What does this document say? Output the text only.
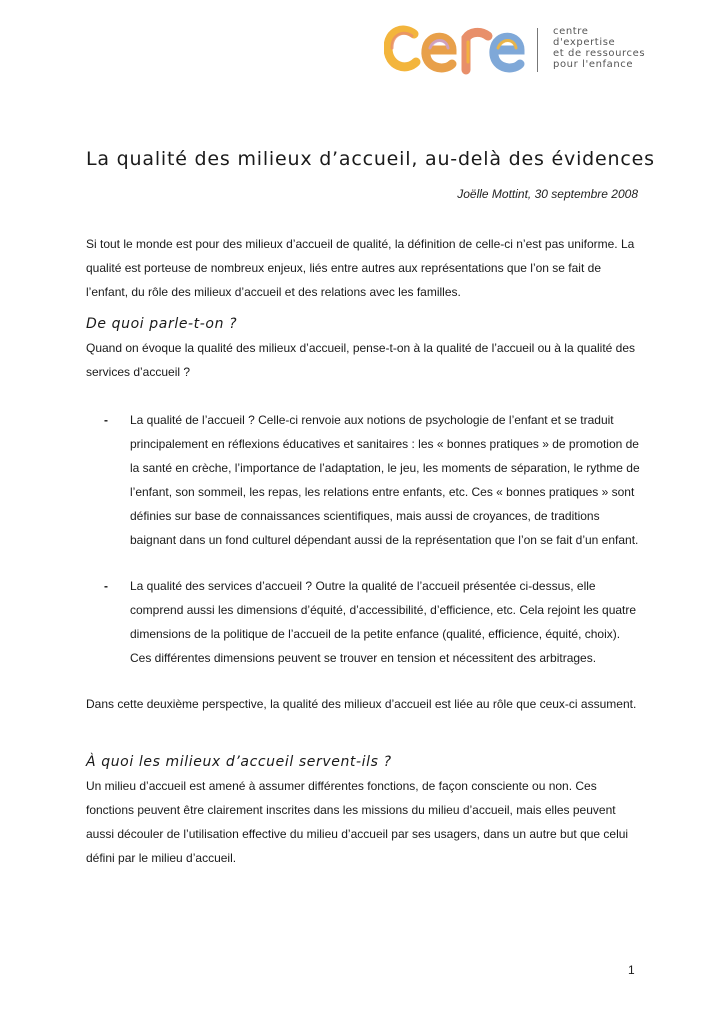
centre
d'expertise
et de ressources
pour l'enfance
La qualité des milieux d’accueil, au-delà des évidences
Joëlle Mottint, 30 septembre 2008

Si tout le monde est pour des milieux d’accueil de qualité, la définition de celle-ci n’est pas uniforme. La qualité est porteuse de nombreux enjeux, liés entre autres aux représentations que l’on se fait de l’enfant, du rôle des milieux d’accueil et des relations avec les familles.

De quoi parle-t-on ?

Quand on évoque la qualité des milieux d’accueil, pense-t-on à la qualité de l’accueil ou à la qualité des services d’accueil ?

- La qualité de l’accueil ? Celle-ci renvoie aux notions de psychologie de l’enfant et se traduit principalement en réflexions éducatives et sanitaires : les « bonnes pratiques » de promotion de la santé en crèche, l’importance de l’adaptation, le jeu, les moments de séparation, le rythme de l’enfant, son sommeil, les repas, les relations entre enfants, etc. Ces « bonnes pratiques » sont définies sur base de connaissances scientifiques, mais aussi de croyances, de traditions baignant dans un fond culturel dépendant aussi de la représentation que l’on se fait d’un enfant.
- La qualité des services d’accueil ? Outre la qualité de l’accueil présentée ci-dessus, elle comprend aussi les dimensions d’équité, d’accessibilité, d’efficience, etc. Cela rejoint les quatre dimensions de la politique de l’accueil de la petite enfance (qualité, efficience, équité, choix). Ces différentes dimensions peuvent se trouver en tension et nécessitent des arbitrages.

Dans cette deuxième perspective, la qualité des milieux d’accueil est liée au rôle que ceux-ci assument.

À quoi les milieux d’accueil servent-ils ?

Un milieu d’accueil est amené à assumer différentes fonctions, de façon consciente ou non. Ces fonctions peuvent être clairement inscrites dans les missions du milieu d’accueil, mais elles peuvent aussi découler de l’utilisation effective du milieu d’accueil par ses usagers, dans un autre but que celui défini par le milieu d’accueil.

1
